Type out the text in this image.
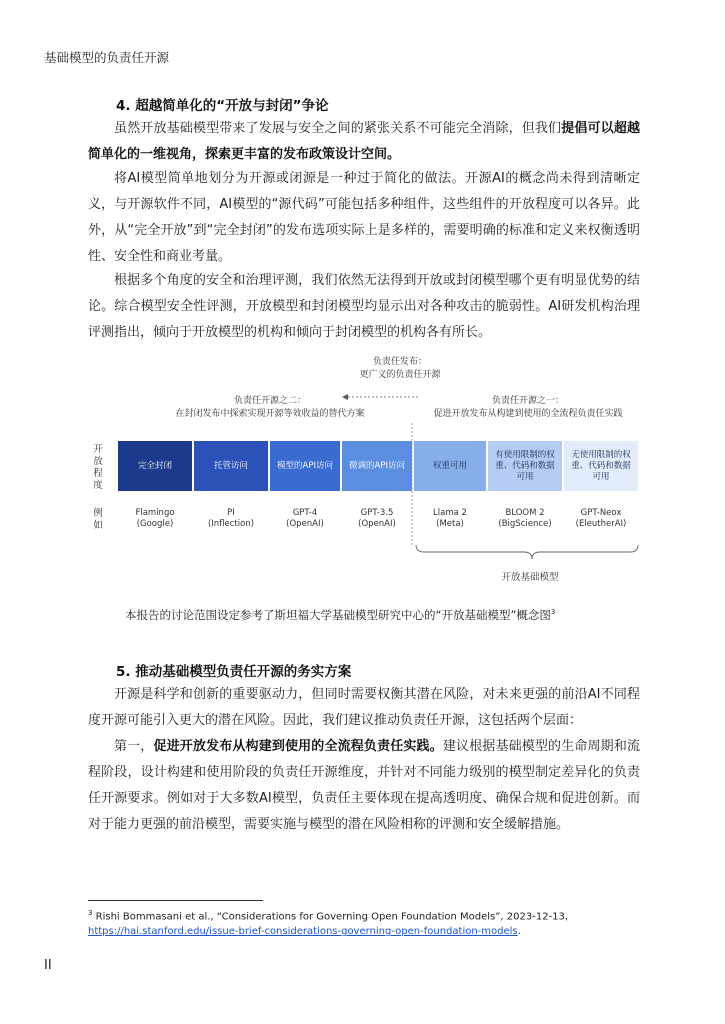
基础模型的负责任开源
4. 超越简单化的“开放与封闭”争论
虽然开放基础模型带来了发展与安全之间的紧张关系不可能完全消除，但我们提倡可以超越简单化的一维视角，探索更丰富的发布政策设计空间。
将AI模型简单地划分为开源或闭源是一种过于简化的做法。开源AI的概念尚未得到清晰定义，与开源软件不同，AI模型的“源代码”可能包括多种组件，这些组件的开放程度可以各异。此外，从“完全开放”到“完全封闭”的发布选项实际上是多样的，需要明确的标准和定义来权衡透明性、安全性和商业考量。
根据多个角度的安全和治理评测，我们依然无法得到开放或封闭模型哪个更有明显优势的结论。综合模型安全性评测，开放模型和封闭模型均显示出对各种攻击的脆弱性。AI研发机构治理评测指出，倾向于开放模型的机构和倾向于封闭模型的机构各有所长。
负责任发布：
更广义的负责任开源
负责任开源之二：
在封闭发布中探索实现开源等效收益的替代方案
负责任开源之一：
促进开放发布从构建到使用的全流程负责任实践
开
放
程
度
例
如
完全封闭	托管访问	模型的API访问	微调的API访问	权重可用
有使用限制的权重、代码和数据可用
无使用限制的权重、代码和数据可用
Flamingo
(Google)
PI
(Inflection)
GPT-4
(OpenAI)
GPT-3.5
(OpenAI)
Llama 2
(Meta)
BLOOM 2
(BigScience)
GPT-Neox
(EleutherAI)
开放基础模型
本报告的讨论范围设定参考了斯坦福大学基础模型研究中心的“开放基础模型”概念图$^3$
5. 推动基础模型负责任开源的务实方案
开源是科学和创新的重要驱动力，但同时需要权衡其潜在风险，对未来更强的前沿AI不同程度开源可能引入更大的潜在风险。因此，我们建议推动负责任开源，这包括两个层面：
第一，促进开放发布从构建到使用的全流程负责任实践。建议根据基础模型的生命周期和流程阶段，设计构建和使用阶段的负责任开源维度，并针对不同能力级别的模型制定差异化的负责任开源要求。例如对于大多数AI模型，负责任主要体现在提高透明度、确保合规和促进创新。而对于能力更强的前沿模型，需要实施与模型的潜在风险相称的评测和安全缓解措施。
$^3$ Rishi Bommasani et al., “Considerations for Governing Open Foundation Models”, 2023-12-13,
https://hai.stanford.edu/issue-brief-considerations-governing-open-foundation-models.
II
